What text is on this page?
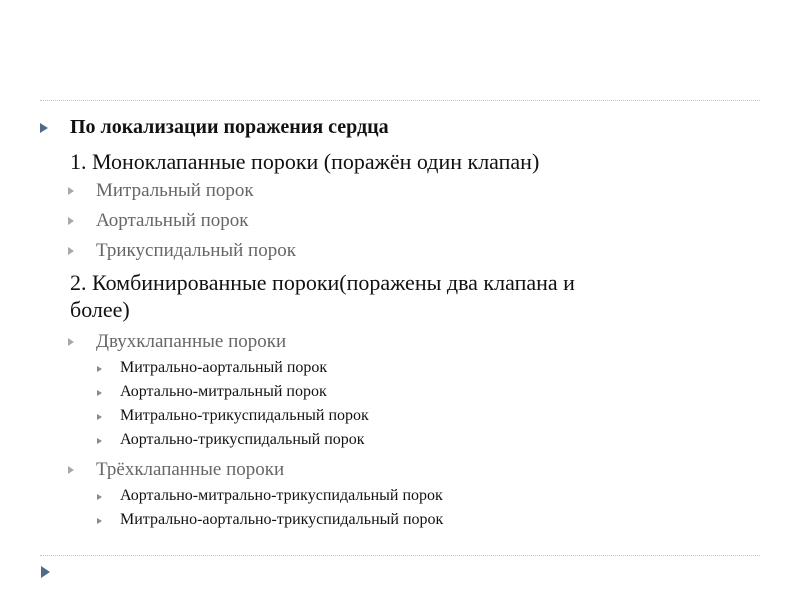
По локализации поражения сердца
1. Моноклапанные пороки (поражён один клапан)
Митральный порок
Аортальный порок
Трикуспидальный порок
2. Комбинированные пороки(поражены два клапана и
более)
Двухклапанные пороки
Митрально-аортальный порок
Аортально-митральный порок
Митрально-трикуспидальный порок
Аортально-трикуспидальный порок
Трёхклапанные пороки
Аортально-митрально-трикуспидальный порок
Митрально-аортально-трикуспидальный порок
